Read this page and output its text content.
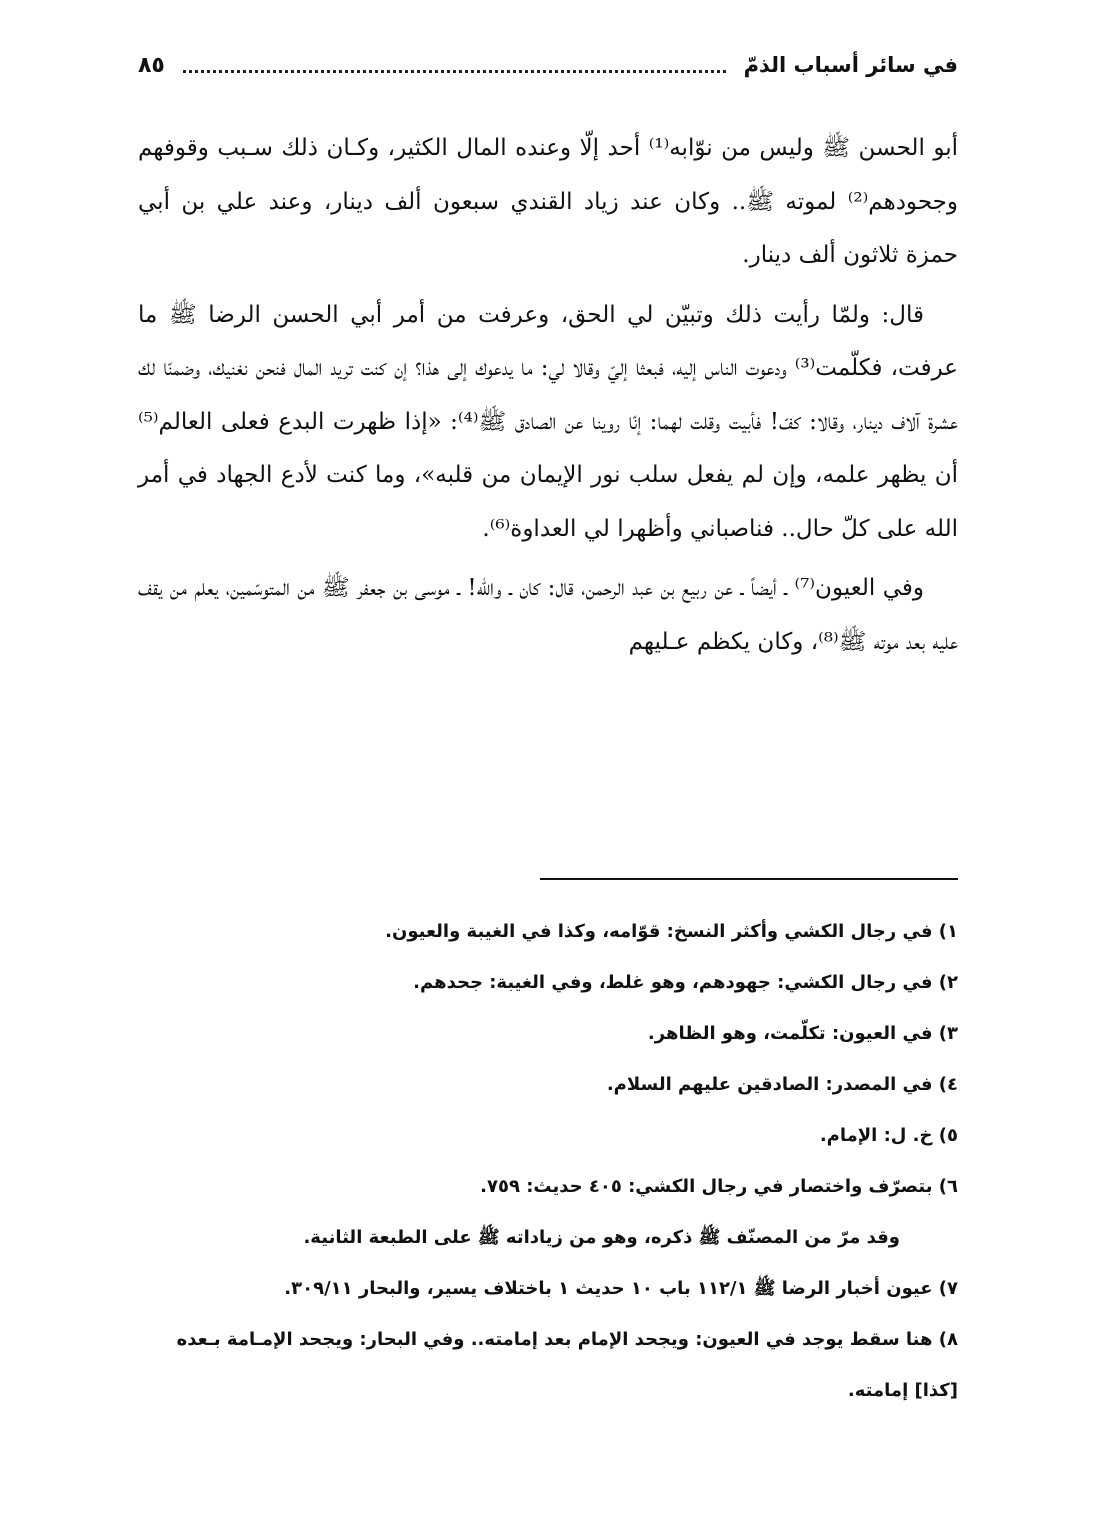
في سائر أسباب الذمّ
٨٥

أبو الحسن ﷺ وليس من نوّابه⁽¹⁾ أحد إلّا وعنده المال الكثير، وكـان ذلك سـبب وقوفهم وجحودهم⁽²⁾ لموته ﷺ.. وكان عند زياد القندي سبعون ألف دينار، وعند علي بن أبي حمزة ثلاثون ألف دينار.

قال: ولمّا رأيت ذلك وتبيّن لي الحق، وعرفت من أمر أبي الحسن الرضا ﷺ ما عرفت، فكلّمت⁽³⁾ ودعوت الناس إليه، فبعثا إليّ وقالا لي: ما يدعوك إلى هذا؟ إن كنت تريد المال فنحن نغنيك، وضمنّا لك عشرة آلاف دينار، وقالا: كفّ! فأبيت وقلت لهما: إنّا روينا عن الصادق ﷺ⁽⁴⁾: «إذا ظهرت البدع فعلى العالم⁽⁵⁾ أن يظهر علمه، وإن لم يفعل سلب نور الإيمان من قلبه»، وما كنت لأدع الجهاد في أمر الله على كلّ حال.. فناصباني وأظهرا لي العداوة⁽⁶⁾.

وفي العيون⁽⁷⁾ ـ أيضاً ـ عن ربيع بن عبد الرحمن، قال: كان ـ والله! ـ موسى بن جعفر ﷺ من المتوسّمين، يعلم من يقف عليه بعد موته ﷺ⁽⁸⁾، وكان يكظم عـليهم

١) في رجال الكشي وأكثر النسخ: قوّامه، وكذا في الغيبة والعيون.

٢) في رجال الكشي: جهودهم، وهو غلط، وفي الغيبة: جحدهم.

٣) في العيون: تكلّمت، وهو الظاهر.

٤) في المصدر: الصادقين عليهم السلام.

٥) خ. ل: الإمام.

٦) بتصرّف واختصار في رجال الكشي: ٤٠٥ حديث: ٧٥٩.

وقد مرّ من المصنّف ﷺ ذكره، وهو من زياداته ﷺ على الطبعة الثانية.

٧) عيون أخبار الرضا ﷺ ١١٢/١ باب ١٠ حديث ١ باختلاف يسير، والبحار ٣٠٩/١١.

٨) هنا سقط يوجد في العيون: ويجحد الإمام بعد إمامته.. وفي البحار: ويجحد الإمـامة بـعده [كذا] إمامته.
